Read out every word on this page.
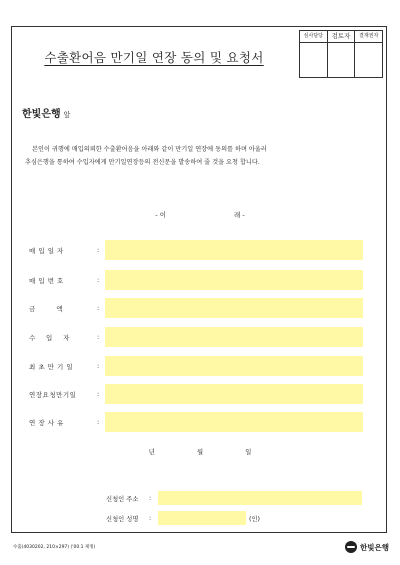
심사담당	검토자	결재권자
수출환어음 만기일 연장 동의 및 요청서
한빛은행 앞
본인이 귀행에 매입의뢰한 수출환어음을 아래와 같이 만기일 연장에 동의를 하며 아울러
추심은행을 통하여 수입자에게 만기일연장등의 전신문을 발송하여 줄 것을 요청 합니다.
- 이	래 -
매 입 일 자	:
매 입 번 호	:
금        액	:
수    입    자	:
최 초 만 기 일	:
연장요청만기일	:
연 장 사 유	:
년	월	일
신청인 주소	:
신청인 성명	:	(인)
수출(4030202, 210×297) ('00.1 제정)	한빛은행
